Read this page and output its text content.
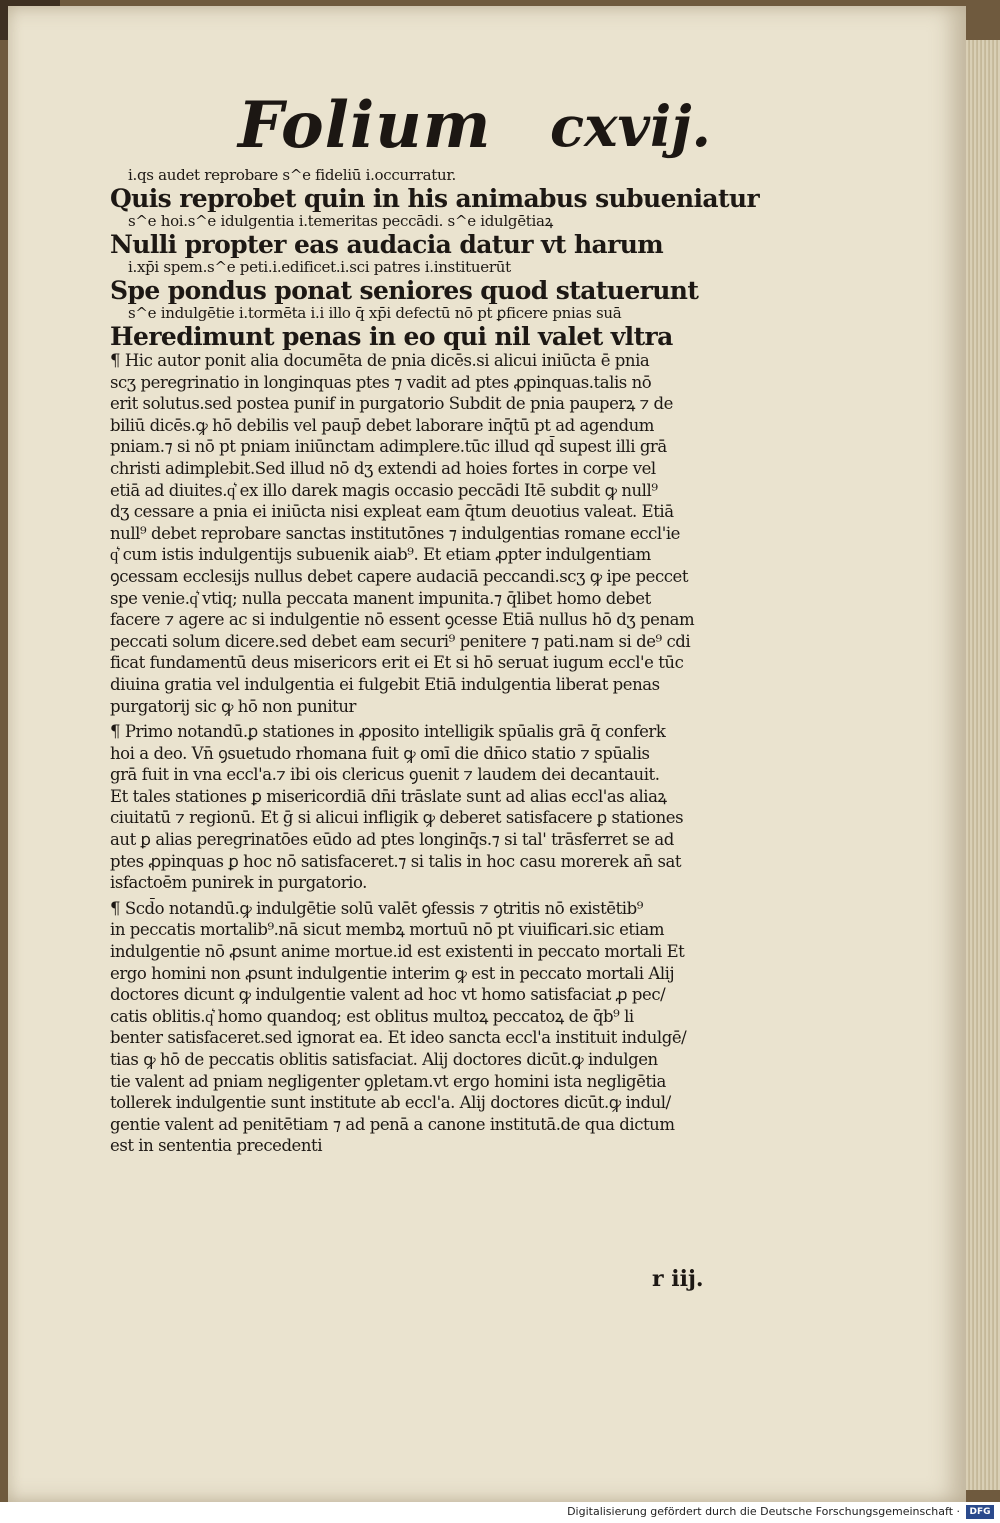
Folium cxvij.
i.qs audet reprobare s^e fideliū i.occurratur.
Quis reprobet quin in his animabus subueniatur
s^e hoi.s^e idulgentia i.temeritas peccādi. s^e idulgētiaꝝ
Nulli propter eas audacia datur vt harum
i.xp̄i spem.s^e peti.i.edificet.i.sci patres i.instituerūt
Spe pondus ponat seniores quod statuerunt
s^e indulgētie i.tormēta i.i illo q̄ xp̄i defectū nō pt ꝑficere pnias suā
Heredimunt penas in eo qui nil valet vltra
¶ Hic autor ponit alia documēta de pnia dicēs.si alicui iniūcta ē pnia
scʒ peregrinatio in longinquas ptes ⁊ vadit ad ptes ꝓpinquas.talis nō
erit solutus.sed postea punif in purgatorio Subdit de pnia pauperꝝ ⁊ de
biliū dicēs.ꝙ hō debilis vel paup̄ debet laborare inq̄tū pt ad agendum
pniam.⁊ si nō pt pniam iniūnctam adimplere.tūc illud qd̄ supest illi grā
christi adimplebit.Sed illud nō dʒ extendi ad hoies fortes in corpe vel
etiā ad diuites.q͛ ex illo darek magis occasio peccādi Itē subdit ꝙ null⁹
dʒ cessare a pnia ei iniūcta nisi expleat eam q̄tum deuotius valeat. Etiā
null⁹ debet reprobare sanctas institutōnes ⁊ indulgentias romane eccl'ie
q͛ cum istis indulgentijs subuenik aiab⁹. Et etiam ꝓpter indulgentiam
ꝯcessam ecclesijs nullus debet capere audaciā peccandi.scʒ ꝙ ipe peccet
spe venie.q͛ vtiq; nulla peccata manent impunita.⁊ q̄libet homo debet
facere ⁊ agere ac si indulgentie nō essent ꝯcesse Etiā nullus hō dʒ penam
peccati solum dicere.sed debet eam securi⁹ penitere ⁊ pati.nam si de⁹ cdi
ficat fundamentū deus misericors erit ei Et si hō seruat iugum eccl'e tūc
diuina gratia vel indulgentia ei fulgebit Etiā indulgentia liberat penas
purgatorij sic ꝙ hō non punitur
¶ Primo notandū.ꝑ stationes in ꝓposito intelligik spūalis grā q̄ conferk
hoi a deo. Vn̄ ꝯsuetudo rhomana fuit ꝙ omī die dn̄ico statio ⁊ spūalis
grā fuit in vna eccl'a.⁊ ibi ois clericus ꝯuenit ⁊ laudem dei decantauit.
Et tales stationes ꝑ misericordiā dn̄i trāslate sunt ad alias eccl'as aliaꝝ
ciuitatū ⁊ regionū. Et ḡ si alicui infligik ꝙ deberet satisfacere ꝑ stationes
aut ꝑ alias peregrinatōes eūdo ad ptes longinq̄s.⁊ si tal' trāsferret se ad
ptes ꝓpinquas ꝑ hoc nō satisfaceret.⁊ si talis in hoc casu morerek an̄ sat
isfactoēm punirek in purgatorio.
¶ Scd̄o notandū.ꝙ indulgētie solū valēt ꝯfessis ⁊ ꝯtritis nō existētib⁹
in peccatis mortalib⁹.nā sicut membꝝ mortuū nō pt viuificari.sic etiam
indulgentie nō ꝓsunt anime mortue.id est existenti in peccato mortali Et
ergo homini non ꝓsunt indulgentie interim ꝙ est in peccato mortali Alij
doctores dicunt ꝙ indulgentie valent ad hoc vt homo satisfaciat ꝓ pec/
catis oblitis.q͛ homo quandoq; est oblitus multoꝝ peccatoꝝ de q̄b⁹ li
benter satisfaceret.sed ignorat ea. Et ideo sancta eccl'a instituit indulgē/
tias ꝙ hō de peccatis oblitis satisfaciat. Alij doctores dicūt.ꝙ indulgen
tie valent ad pniam negligenter ꝯpletam.vt ergo homini ista negligētia
tollerek indulgentie sunt institute ab eccl'a. Alij doctores dicūt.ꝙ indul/
gentie valent ad penitētiam ⁊ ad penā a canone institutā.de qua dictum
est in sententia precedenti
r iij.
Digitalisierung gefördert durch die Deutsche Forschungsgemeinschaft ·	DFG
